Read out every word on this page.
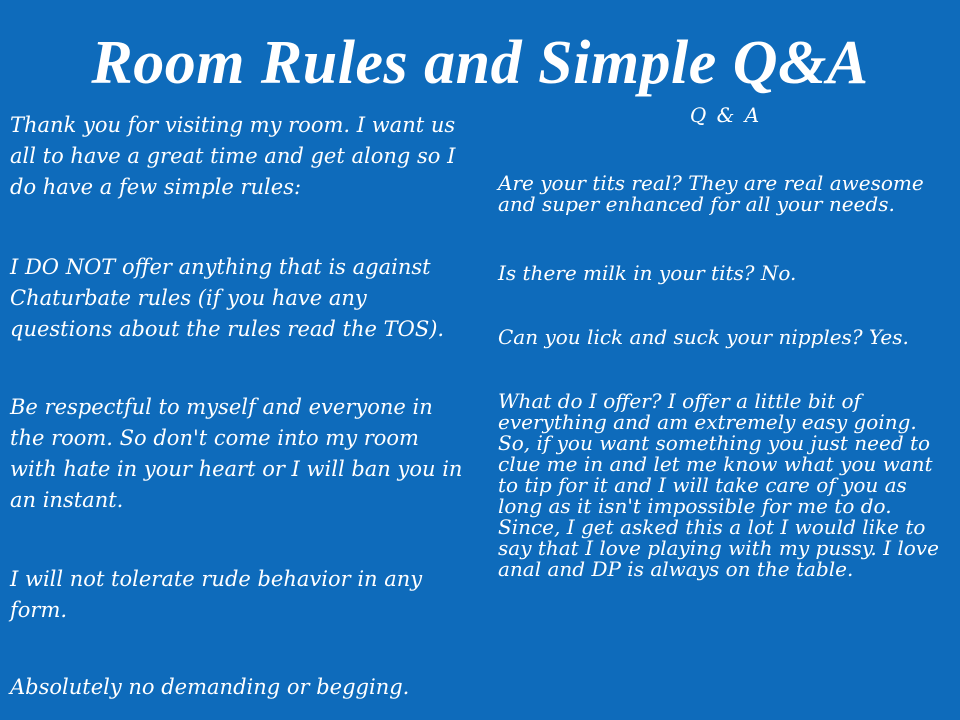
Room Rules and Simple Q&A

Thank you for visiting my room. I want us all to have a great time and get along so I do have a few simple rules:

I DO NOT offer anything that is against Chaturbate rules (if you have any questions about the rules read the TOS).

Be respectful to myself and everyone in the room. So don't come into my room with hate in your heart or I will ban you in an instant.

I will not tolerate rude behavior in any form.

Absolutely no demanding or begging.

Q & A

Are your tits real? They are real awesome and super enhanced for all your needs.

Is there milk in your tits? No.

Can you lick and suck your nipples? Yes.

What do I offer? I offer a little bit of everything and am extremely easy going. So, if you want something you just need to clue me in and let me know what you want to tip for it and I will take care of you as long as it isn't impossible for me to do. Since, I get asked this a lot I would like to say that I love playing with my pussy. I love anal and DP is always on the table.
